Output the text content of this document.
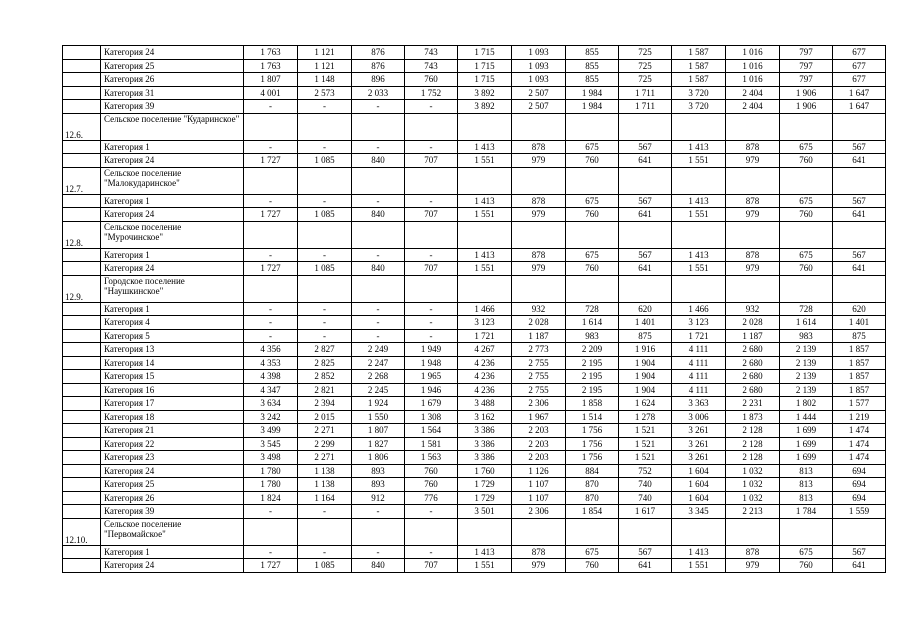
	Категория 24	1 763	1 121	876	743	1 715	1 093	855	725	1 587	1 016	797	677
	Категория 25	1 763	1 121	876	743	1 715	1 093	855	725	1 587	1 016	797	677
	Категория 26	1 807	1 148	896	760	1 715	1 093	855	725	1 587	1 016	797	677
	Категория 31	4 001	2 573	2 033	1 752	3 892	2 507	1 984	1 711	3 720	2 404	1 906	1 647
	Категория 39	-	-	-	-	3 892	2 507	1 984	1 711	3 720	2 404	1 906	1 647
12.6.	Сельское поселение "Кударинское"												
	Категория 1	-	-	-	-	1 413	878	675	567	1 413	878	675	567
	Категория 24	1 727	1 085	840	707	1 551	979	760	641	1 551	979	760	641
12.7.	Сельское поселение "Малокударинское"												
	Категория 1	-	-	-	-	1 413	878	675	567	1 413	878	675	567
	Категория 24	1 727	1 085	840	707	1 551	979	760	641	1 551	979	760	641
12.8.	Сельское поселение "Мурочинское"												
	Категория 1	-	-	-	-	1 413	878	675	567	1 413	878	675	567
	Категория 24	1 727	1 085	840	707	1 551	979	760	641	1 551	979	760	641
12.9.	Городское поселение "Наушкинское"												
	Категория 1	-	-	-	-	1 466	932	728	620	1 466	932	728	620
	Категория 4	-	-	-	-	3 123	2 028	1 614	1 401	3 123	2 028	1 614	1 401
	Категория 5	-	-	-	-	1 721	1 187	983	875	1 721	1 187	983	875
	Категория 13	4 356	2 827	2 249	1 949	4 267	2 773	2 209	1 916	4 111	2 680	2 139	1 857
	Категория 14	4 353	2 825	2 247	1 948	4 236	2 755	2 195	1 904	4 111	2 680	2 139	1 857
	Категория 15	4 398	2 852	2 268	1 965	4 236	2 755	2 195	1 904	4 111	2 680	2 139	1 857
	Категория 16	4 347	2 821	2 245	1 946	4 236	2 755	2 195	1 904	4 111	2 680	2 139	1 857
	Категория 17	3 634	2 394	1 924	1 679	3 488	2 306	1 858	1 624	3 363	2 231	1 802	1 577
	Категория 18	3 242	2 015	1 550	1 308	3 162	1 967	1 514	1 278	3 006	1 873	1 444	1 219
	Категория 21	3 499	2 271	1 807	1 564	3 386	2 203	1 756	1 521	3 261	2 128	1 699	1 474
	Категория 22	3 545	2 299	1 827	1 581	3 386	2 203	1 756	1 521	3 261	2 128	1 699	1 474
	Категория 23	3 498	2 271	1 806	1 563	3 386	2 203	1 756	1 521	3 261	2 128	1 699	1 474
	Категория 24	1 780	1 138	893	760	1 760	1 126	884	752	1 604	1 032	813	694
	Категория 25	1 780	1 138	893	760	1 729	1 107	870	740	1 604	1 032	813	694
	Категория 26	1 824	1 164	912	776	1 729	1 107	870	740	1 604	1 032	813	694
	Категория 39	-	-	-	-	3 501	2 306	1 854	1 617	3 345	2 213	1 784	1 559
12.10.	Сельское поселение "Первомайское"												
	Категория 1	-	-	-	-	1 413	878	675	567	1 413	878	675	567
	Категория 24	1 727	1 085	840	707	1 551	979	760	641	1 551	979	760	641
